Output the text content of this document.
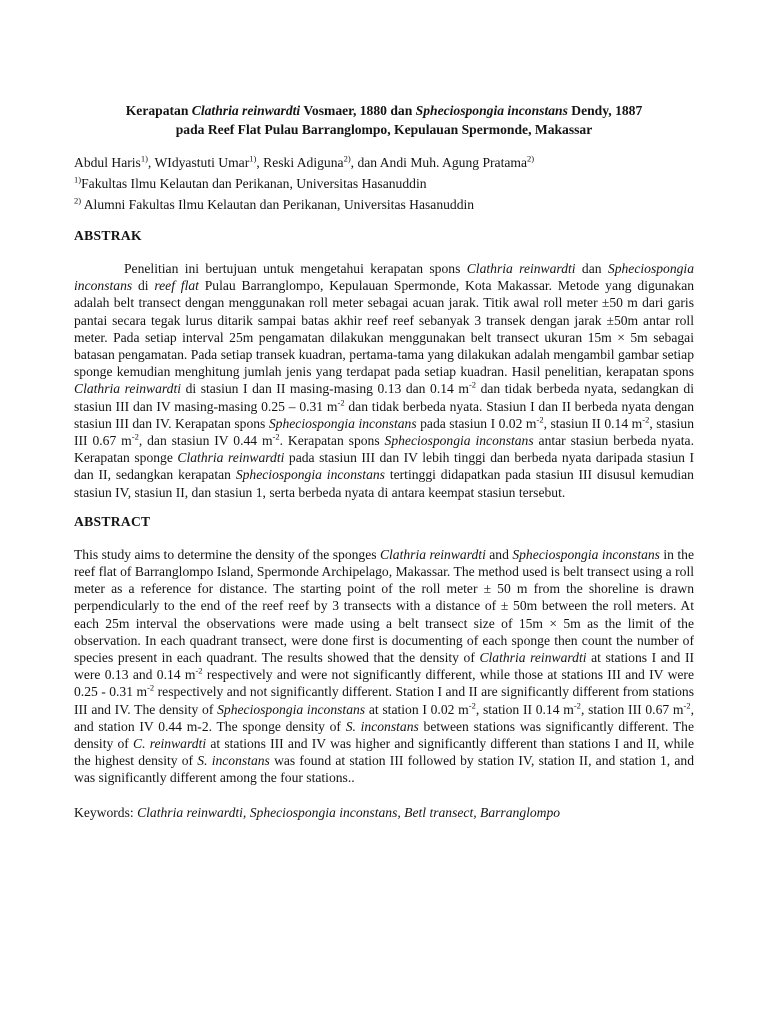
Kerapatan Clathria reinwardti Vosmaer, 1880 dan Spheciospongia inconstans Dendy, 1887
pada Reef Flat Pulau Barranglompo, Kepulauan Spermonde, Makassar
Abdul Haris$^{1)}$, WIdyastuti Umar$^{1)}$, Reski Adiguna$^{2)}$, dan Andi Muh. Agung Pratama$^{2)}$
$^{1)}$Fakultas Ilmu Kelautan dan Perikanan, Universitas Hasanuddin
$^{2)}$ Alumni Fakultas Ilmu Kelautan dan Perikanan, Universitas Hasanuddin
ABSTRAK

Penelitian ini bertujuan untuk mengetahui kerapatan spons Clathria reinwardti dan Spheciospongia inconstans di reef flat Pulau Barranglompo, Kepulauan Spermonde, Kota Makassar. Metode yang digunakan adalah belt transect dengan menggunakan roll meter sebagai acuan jarak. Titik awal roll meter ±50 m dari garis pantai secara tegak lurus ditarik sampai batas akhir reef reef sebanyak 3 transek dengan jarak ±50m antar roll meter. Pada setiap interval 25m pengamatan dilakukan menggunakan belt transect ukuran 15m × 5m sebagai batasan pengamatan. Pada setiap transek kuadran, pertama-tama yang dilakukan adalah mengambil gambar setiap sponge kemudian menghitung jumlah jenis yang terdapat pada setiap kuadran. Hasil penelitian, kerapatan spons Clathria reinwardti di stasiun I dan II masing-masing 0.13 dan 0.14 $m^{-2}$ dan tidak berbeda nyata, sedangkan di stasiun III dan IV masing-masing 0.25 – 0.31 $m^{-2}$ dan tidak berbeda nyata. Stasiun I dan II berbeda nyata dengan stasiun III dan IV. Kerapatan spons Spheciospongia inconstans pada stasiun I 0.02 $m^{-2}$, stasiun II 0.14 $m^{-2}$, stasiun III 0.67 $m^{-2}$, dan stasiun IV 0.44 $m^{-2}$. Kerapatan spons Spheciospongia inconstans antar stasiun berbeda nyata. Kerapatan sponge Clathria reinwardti pada stasiun III dan IV lebih tinggi dan berbeda nyata daripada stasiun I dan II, sedangkan kerapatan Spheciospongia inconstans tertinggi didapatkan pada stasiun III disusul kemudian stasiun IV, stasiun II, dan stasiun 1, serta berbeda nyata di antara keempat stasiun tersebut.

ABSTRACT

This study aims to determine the density of the sponges Clathria reinwardti and Spheciospongia inconstans in the reef flat of Barranglompo Island, Spermonde Archipelago, Makassar. The method used is belt transect using a roll meter as a reference for distance. The starting point of the roll meter ± 50 m from the shoreline is drawn perpendicularly to the end of the reef reef by 3 transects with a distance of ± 50m between the roll meters. At each 25m interval the observations were made using a belt transect size of 15m × 5m as the limit of the observation. In each quadrant transect, were done first is documenting of each sponge then count the number of species present in each quadrant. The results showed that the density of Clathria reinwardti at stations I and II were 0.13 and 0.14 $m^{-2}$ respectively and were not significantly different, while those at stations III and IV were 0.25 - 0.31 $m^{-2}$ respectively and not significantly different. Station I and II are significantly different from stations III and IV. The density of Spheciospongia inconstans at station I 0.02 $m^{-2}$, station II 0.14 $m^{-2}$, station III 0.67 $m^{-2}$, and station IV 0.44 m-2. The sponge density of S. inconstans between stations was significantly different. The density of C. reinwardti at stations III and IV was higher and significantly different than stations I and II, while the highest density of S. inconstans was found at station III followed by station IV, station II, and station 1, and was significantly different among the four stations..

Keywords: Clathria reinwardti, Spheciospongia inconstans, Betl transect, Barranglompo
